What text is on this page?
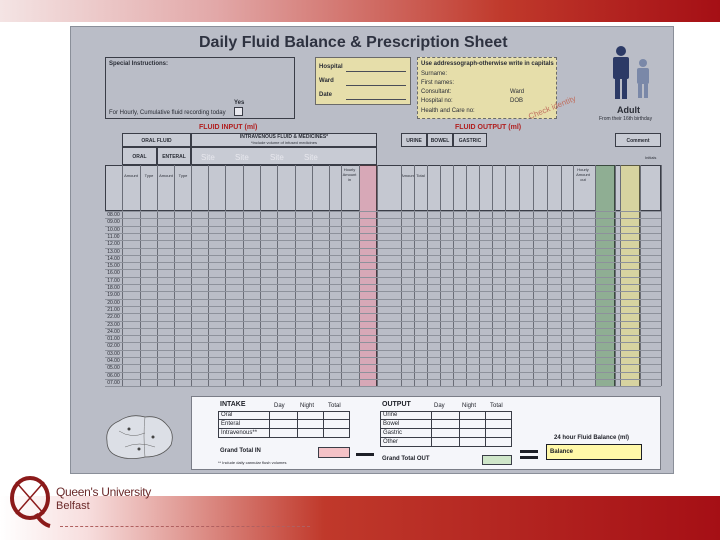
Queen's University
Belfast
Daily Fluid Balance & Prescription Sheet
Special Instructions:
For Hourly, Cumulative fluid recording today
Yes
Hospital
Ward
Date
Use addressograph-otherwise write in capitals
Surname:
First names:
Consultant:	Ward
Hospital no:	DOB
Health and Care no:	Check identity	Adult
From their 16th birthday
FLUID INPUT (ml)	FLUID OUTPUT (ml)
ORAL FLUID
INTRAVENOUS FLUID & MEDICINES*
*Include volume of infused medicines	URINE	BOWEL	GASTRIC	Comment
ORAL	ENTERAL	Site	Site	Site	Site	Initials
Amount	Type	Amount	Type
Hourly Amount in
Amount Total
Hourly Amount out
08.00
09.00
10.00
11.00
12.00
13.00
14.00
15.00
16.00
17.00
18.00
19.00
20.00
21.00
22.00
23.00
24.00
01.00
02.00
03.00
04.00
05.00
06.00
07.00
INTAKE	Day	Night Total
Oral
Enteral
Intravenous**
Grand Total IN
** Include daily cannular flush volumes
OUTPUT	Day	Night Total
Urine
Bowel
Gastric
Other
Grand Total OUT
24 hour Fluid Balance (ml)
Balance
